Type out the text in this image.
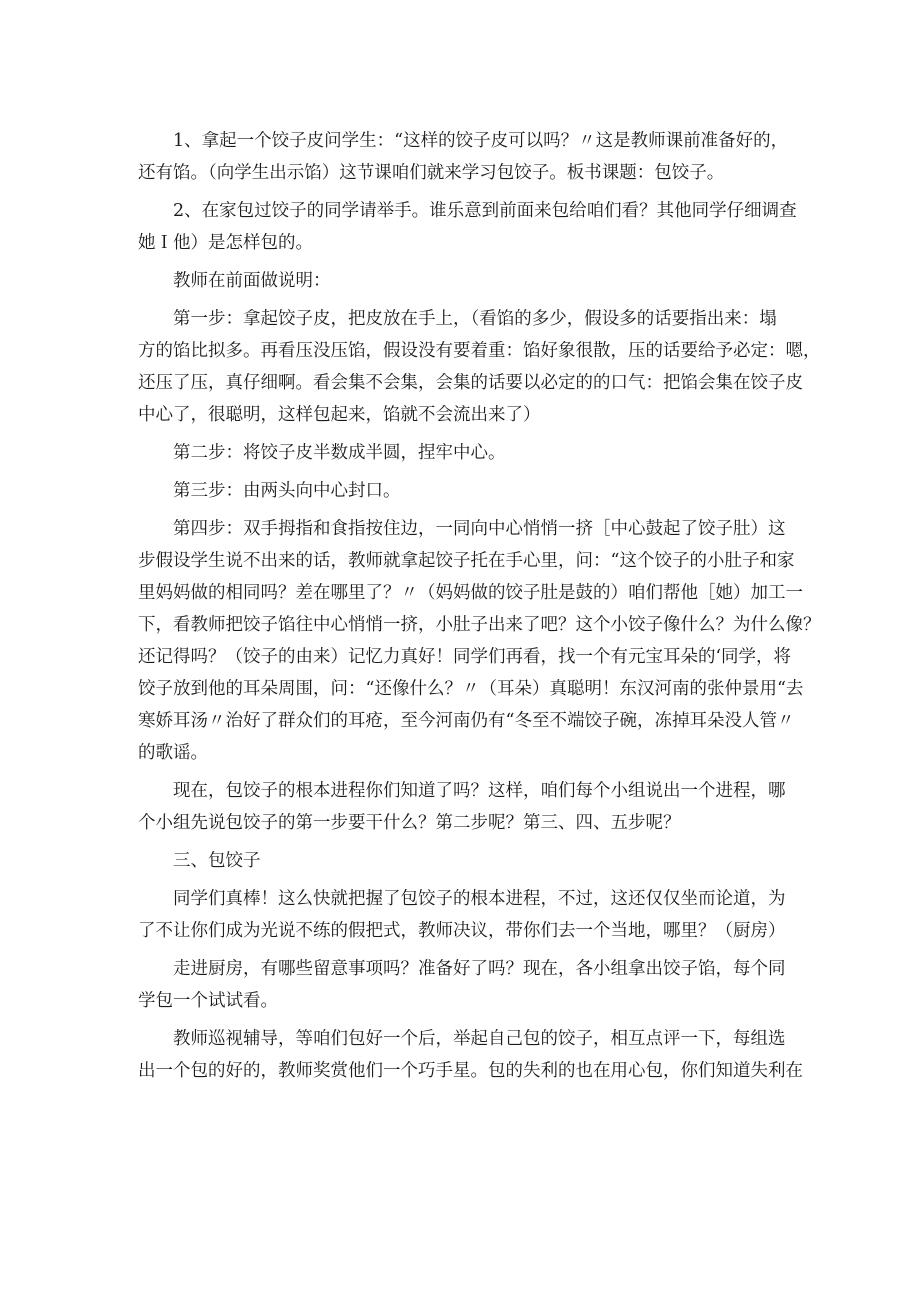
1、拿起一个饺子皮问学生：“这样的饺子皮可以吗？〃这是教师课前准备好的，
还有馅。（向学生出示馅）这节课咱们就来学习包饺子。板书课题：包饺子。
2、在家包过饺子的同学请举手。谁乐意到前面来包给咱们看？其他同学仔细调查
她Ｉ他）是怎样包的。
教师在前面做说明：
第一步：拿起饺子皮，把皮放在手上，（看馅的多少，假设多的话要指出来：塌
方的馅比拟多。再看压没压馅，假设没有要着重：馅好象很散，压的话要给予必定：嗯，
还压了压，真仔细啊。看会集不会集，会集的话要以必定的的口气：把馅会集在饺子皮
中心了，很聪明，这样包起来，馅就不会流出来了）
第二步：将饺子皮半数成半圆，捏牢中心。
第三步：由两头向中心封口。
第四步：双手拇指和食指按住边，一同向中心悄悄一挤［中心鼓起了饺子肚）这
步假设学生说不出来的话，教师就拿起饺子托在手心里，问：“这个饺子的小肚子和家
里妈妈做的相同吗？差在哪里了？〃（妈妈做的饺子肚是鼓的）咱们帮他［她）加工一
下，看教师把饺子馅往中心悄悄一挤，小肚子出来了吧？这个小饺子像什么？为什么像？
还记得吗？（饺子的由来）记忆力真好！同学们再看，找一个有元宝耳朵的‘同学，将
饺子放到他的耳朵周围，问：“还像什么？〃（耳朵）真聪明！东汉河南的张仲景用“去
寒娇耳汤〃治好了群众们的耳疮，至今河南仍有“冬至不端饺子碗，冻掉耳朵没人管〃
的歌谣。
现在，包饺子的根本进程你们知道了吗？这样，咱们每个小组说出一个进程，哪
个小组先说包饺子的第一步要干什么？第二步呢？第三、四、五步呢？
三、包饺子
同学们真棒！这么快就把握了包饺子的根本进程，不过，这还仅仅坐而论道，为
了不让你们成为光说不练的假把式，教师决议，带你们去一个当地，哪里？（厨房）
走进厨房，有哪些留意事项吗？准备好了吗？现在，各小组拿出饺子馅，每个同
学包一个试试看。
教师巡视辅导，等咱们包好一个后，举起自己包的饺子，相互点评一下，每组选
出一个包的好的，教师奖赏他们一个巧手星。包的失利的也在用心包，你们知道失利在
